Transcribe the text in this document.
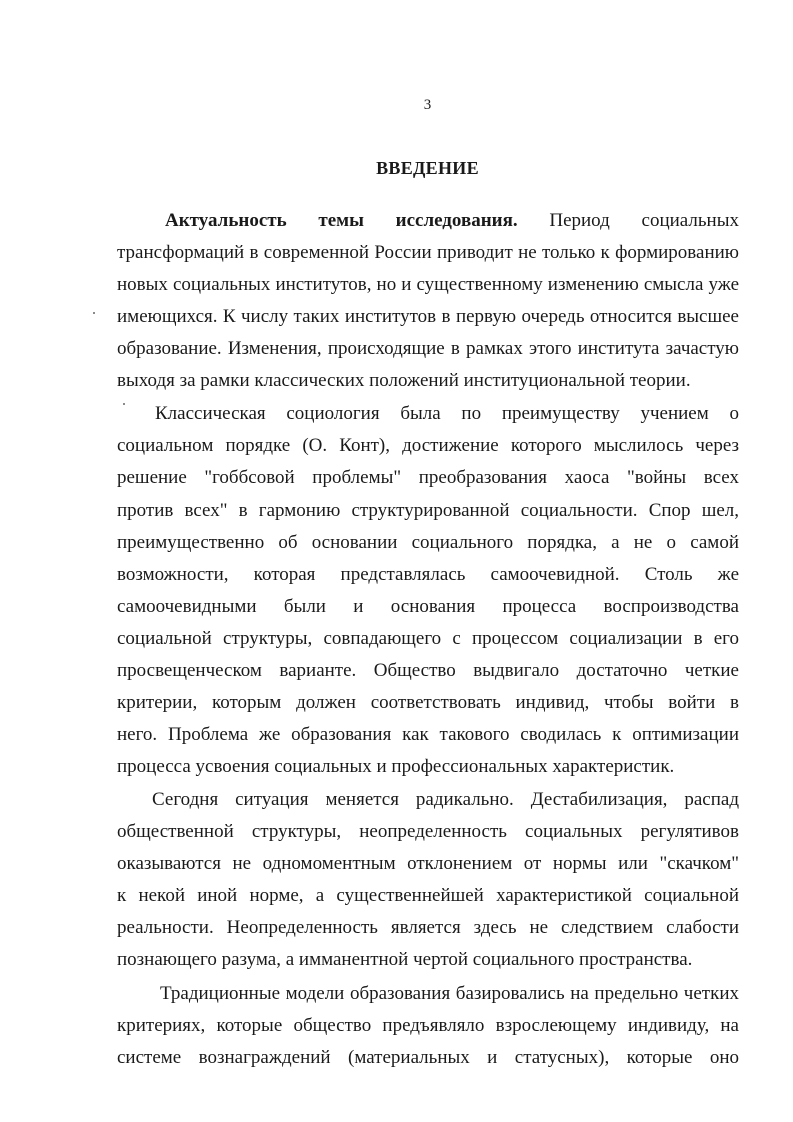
3
ВВЕДЕНИЕ
Актуальность темы исследования. Период социальных
трансформаций в современной России приводит не только к формированию
новых социальных институтов, но и существенному изменению смысла уже
имеющихся. К числу таких институтов в первую очередь относится высшее
образование. Изменения, происходящие в рамках этого института зачастую
выходя за рамки классических положений институциональной теории.
Классическая социология была по преимуществу учением о
социальном порядке (О. Конт), достижение которого мыслилось через
решение "гоббсовой проблемы" преобразования хаоса "войны всех
против всех" в гармонию структурированной социальности. Спор шел,
преимущественно об основании социального порядка, а не о самой
возможности, которая представлялась самоочевидной. Столь же
самоочевидными были и основания процесса воспроизводства
социальной структуры, совпадающего с процессом социализации в его
просвещенческом варианте. Общество выдвигало достаточно четкие
критерии, которым должен соответствовать индивид, чтобы войти в
него. Проблема же образования как такового сводилась к оптимизации
процесса усвоения социальных и профессиональных характеристик.
Сегодня ситуация меняется радикально. Дестабилизация, распад
общественной структуры, неопределенность социальных регулятивов
оказываются не одномоментным отклонением от нормы или "скачком"
к некой иной норме, а существеннейшей характеристикой социальной
реальности. Неопределенность является здесь не следствием слабости
познающего разума, а имманентной чертой социального пространства.
Традиционные модели образования базировались на предельно четких
критериях, которые общество предъявляло взрослеющему индивиду, на
системе вознаграждений (материальных и статусных), которые оно
